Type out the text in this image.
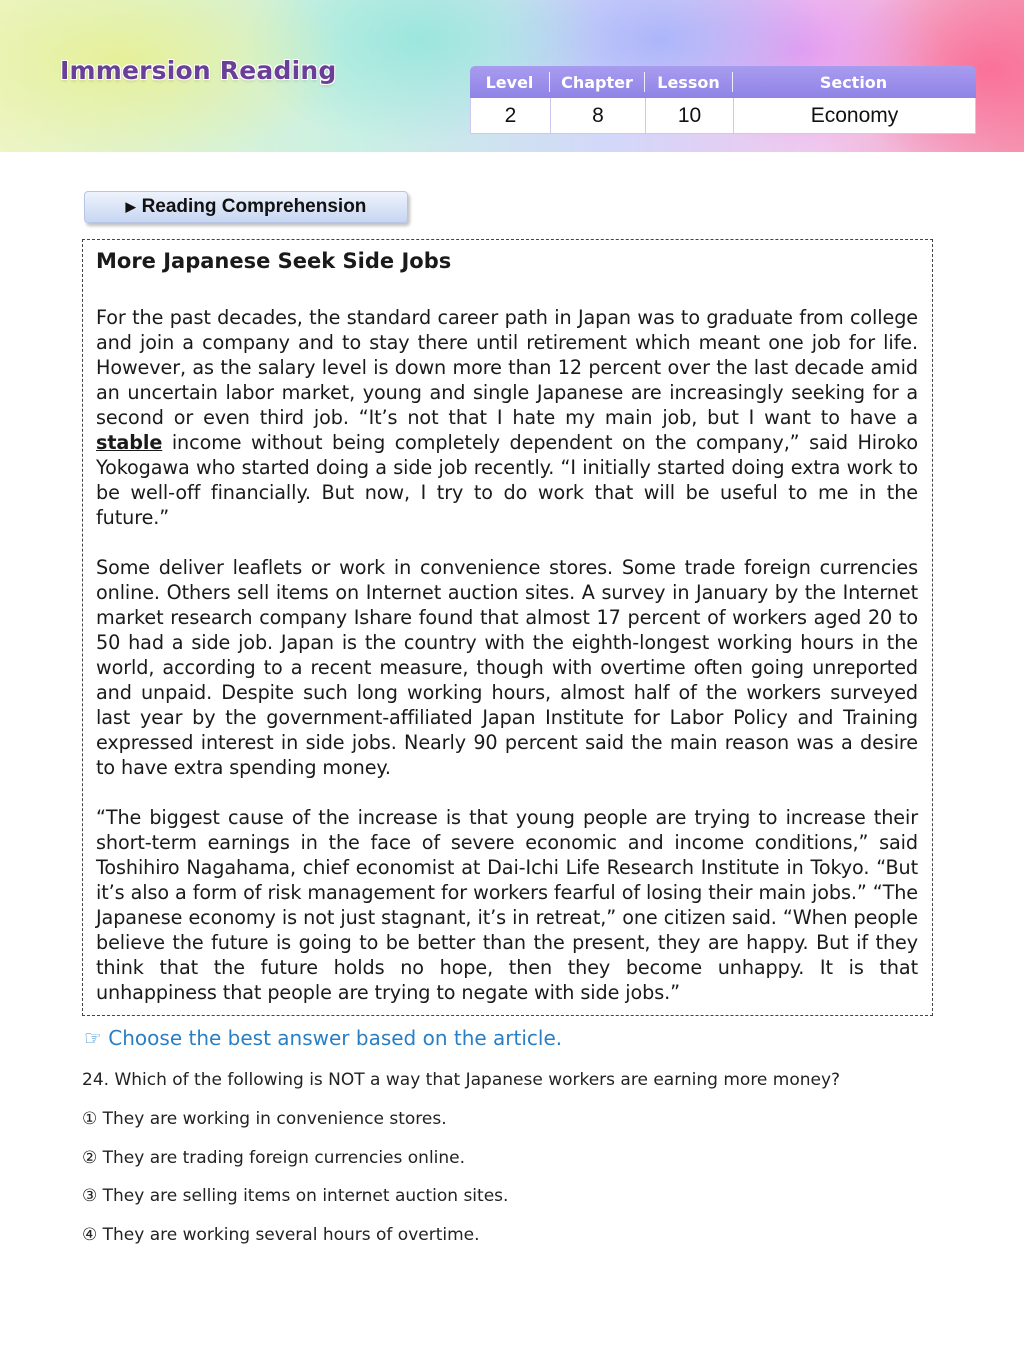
Immersion Reading	Level	Chapter	Lesson	Section
2	8	10	Economy
▶ Reading Comprehension
More Japanese Seek Side Jobs

For the past decades, the standard career path in Japan was to graduate from college and join a company and to stay there until retirement which meant one job for life. However, as the salary level is down more than 12 percent over the last decade amid an uncertain labor market, young and single Japanese are increasingly seeking for a second or even third job. “It’s not that I hate my main job, but I want to have a stable income without being completely dependent on the company,” said Hiroko Yokogawa who started doing a side job recently. “I initially started doing extra work to be well-off financially. But now, I try to do work that will be useful to me in the future.”

Some deliver leaflets or work in convenience stores. Some trade foreign currencies online. Others sell items on Internet auction sites. A survey in January by the Internet market research company Ishare found that almost 17 percent of workers aged 20 to 50 had a side job. Japan is the country with the eighth-longest working hours in the world, according to a recent measure, though with overtime often going unreported and unpaid. Despite such long working hours, almost half of the workers surveyed last year by the government-affiliated Japan Institute for Labor Policy and Training expressed interest in side jobs. Nearly 90 percent said the main reason was a desire to have extra spending money.

“The biggest cause of the increase is that young people are trying to increase their short-term earnings in the face of severe economic and income conditions,” said Toshihiro Nagahama, chief economist at Dai-Ichi Life Research Institute in Tokyo. “But it’s also a form of risk management for workers fearful of losing their main jobs.” “The Japanese economy is not just stagnant, it’s in retreat,” one citizen said. “When people believe the future is going to be better than the present, they are happy. But if they think that the future holds no hope, then they become unhappy. It is that unhappiness that people are trying to negate with side jobs.”

☞ Choose the best answer based on the article.
24. Which of the following is NOT a way that Japanese workers are earning more money?
① They are working in convenience stores.
② They are trading foreign currencies online.
③ They are selling items on internet auction sites.
④ They are working several hours of overtime.
